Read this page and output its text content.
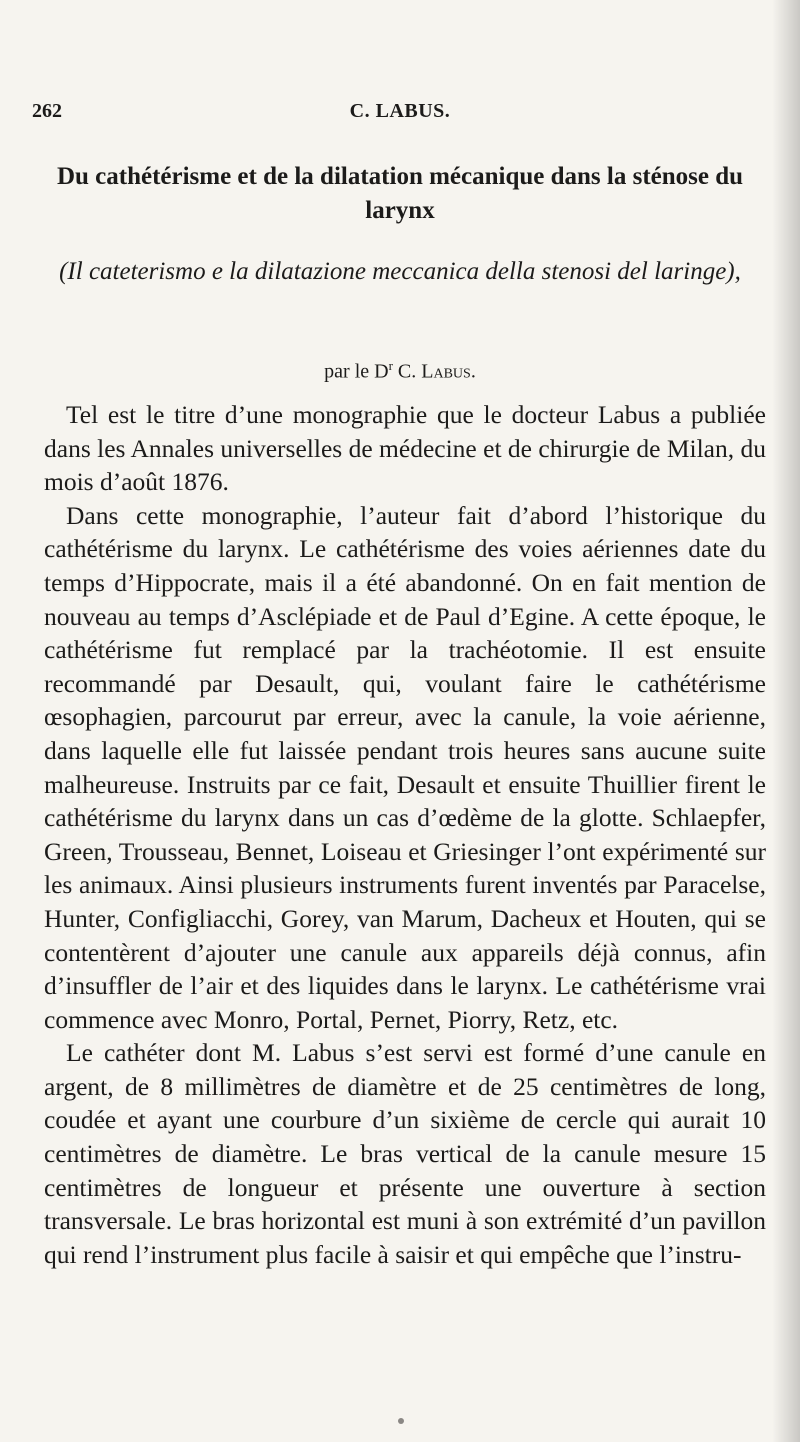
262	C. LABUS.
Du cathétérisme et de la dilatation mécanique dans la sténose du larynx

(Il cateterismo e la dilatazione meccanica della stenosi del laringe),

par le $D^r$ C. Labus.

Tel est le titre d’une monographie que le docteur Labus a publiée dans les Annales universelles de médecine et de chirurgie de Milan, du mois d’août 1876.

Dans cette monographie, l’auteur fait d’abord l’historique du cathétérisme du larynx. Le cathétérisme des voies aériennes date du temps d’Hippocrate, mais il a été abandonné. On en fait mention de nouveau au temps d’Asclépiade et de Paul d’Egine. A cette époque, le cathétérisme fut remplacé par la trachéotomie. Il est ensuite recommandé par Desault, qui, voulant faire le cathétérisme œsophagien, parcourut par erreur, avec la canule, la voie aérienne, dans laquelle elle fut laissée pendant trois heures sans aucune suite malheureuse. Instruits par ce fait, Desault et ensuite Thuillier firent le cathétérisme du larynx dans un cas d’œdème de la glotte. Schlaepfer, Green, Trousseau, Bennet, Loiseau et Griesinger l’ont expérimenté sur les animaux. Ainsi plusieurs instruments furent inventés par Paracelse, Hunter, Configliacchi, Gorey, van Marum, Dacheux et Houten, qui se contentèrent d’ajouter une canule aux appareils déjà connus, afin d’insuffler de l’air et des liquides dans le larynx. Le cathétérisme vrai commence avec Monro, Portal, Pernet, Piorry, Retz, etc.

Le cathéter dont M. Labus s’est servi est formé d’une canule en argent, de 8 millimètres de diamètre et de 25 centimètres de long, coudée et ayant une courbure d’un sixième de cercle qui aurait 10 centimètres de diamètre. Le bras vertical de la canule mesure 15 centimètres de longueur et présente une ouverture à section transversale. Le bras horizontal est muni à son extrémité d’un pavillon qui rend l’instrument plus facile à saisir et qui empêche que l’instru-
